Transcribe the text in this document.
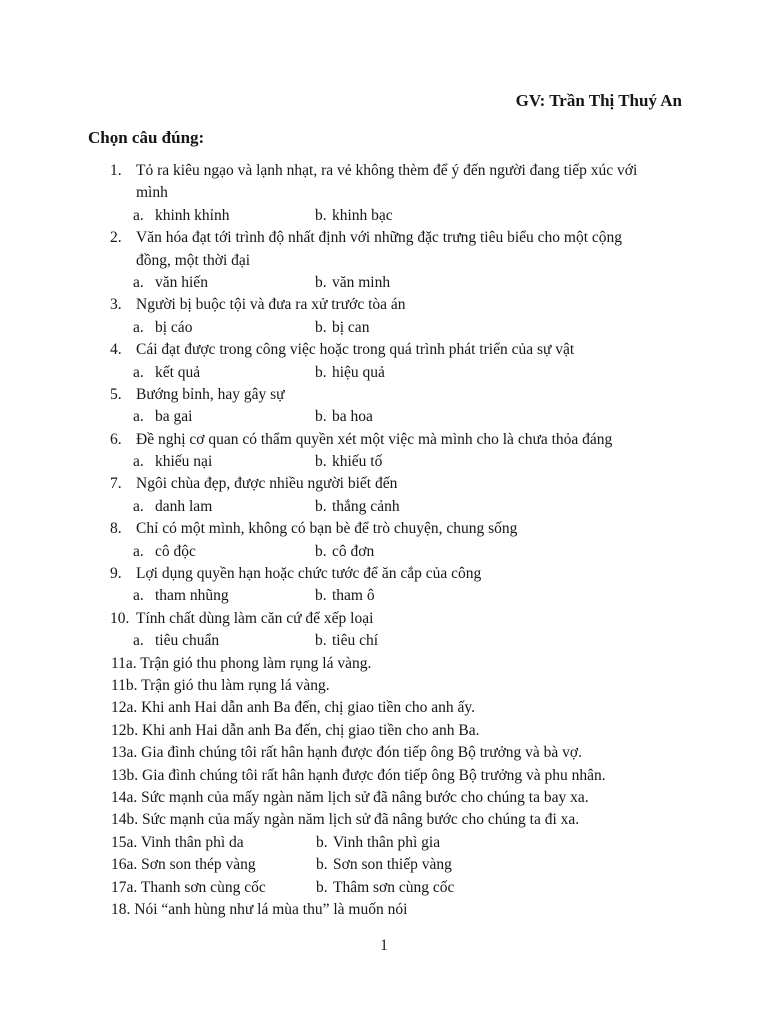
GV: Trần Thị Thuý An
Chọn câu đúng:
1. Tỏ ra kiêu ngạo và lạnh nhạt, ra vẻ không thèm để ý đến người đang tiếp xúc với
mình
a. khinh khỉnh	b. khinh bạc
2. Văn hóa đạt tới trình độ nhất định với những đặc trưng tiêu biểu cho một cộng
đồng, một thời đại
a. văn hiến	b. văn minh
3. Người bị buộc tội và đưa ra xử trước tòa án
a. bị cáo	b. bị can
4. Cái đạt được trong công việc hoặc trong quá trình phát triển của sự vật
a. kết quả	b. hiệu quả
5. Bướng bỉnh, hay gây sự
a. ba gai	b. ba hoa
6. Đề nghị cơ quan có thẩm quyền xét một việc mà mình cho là chưa thỏa đáng
a. khiếu nại	b. khiếu tố
7. Ngôi chùa đẹp, được nhiều người biết đến
a. danh lam	b. thắng cảnh
8. Chỉ có một mình, không có bạn bè để trò chuyện, chung sống
a. cô độc	b. cô đơn
9. Lợi dụng quyền hạn hoặc chức tước để ăn cắp của công
a. tham nhũng	b. tham ô
10. Tính chất dùng làm căn cứ để xếp loại
a. tiêu chuẩn	b. tiêu chí
11a. Trận gió thu phong làm rụng lá vàng.
11b. Trận gió thu làm rụng lá vàng.
12a. Khi anh Hai dẫn anh Ba đến, chị giao tiền cho anh ấy.
12b. Khi anh Hai dẫn anh Ba đến, chị giao tiền cho anh Ba.
13a. Gia đình chúng tôi rất hân hạnh được đón tiếp ông Bộ trưởng và bà vợ.
13b. Gia đình chúng tôi rất hân hạnh được đón tiếp ông Bộ trưởng và phu nhân.
14a. Sức mạnh của mấy ngàn năm lịch sử đã nâng bước cho chúng ta bay xa.
14b. Sức mạnh của mấy ngàn năm lịch sử đã nâng bước cho chúng ta đi xa.
15a. Vinh thân phì da	b. Vinh thân phì gia
16a. Sơn son thép vàng	b. Sơn son thiếp vàng
17a. Thanh sơn cùng cốc	b. Thâm sơn cùng cốc
18. Nói “anh hùng như lá mùa thu” là muốn nói
1
